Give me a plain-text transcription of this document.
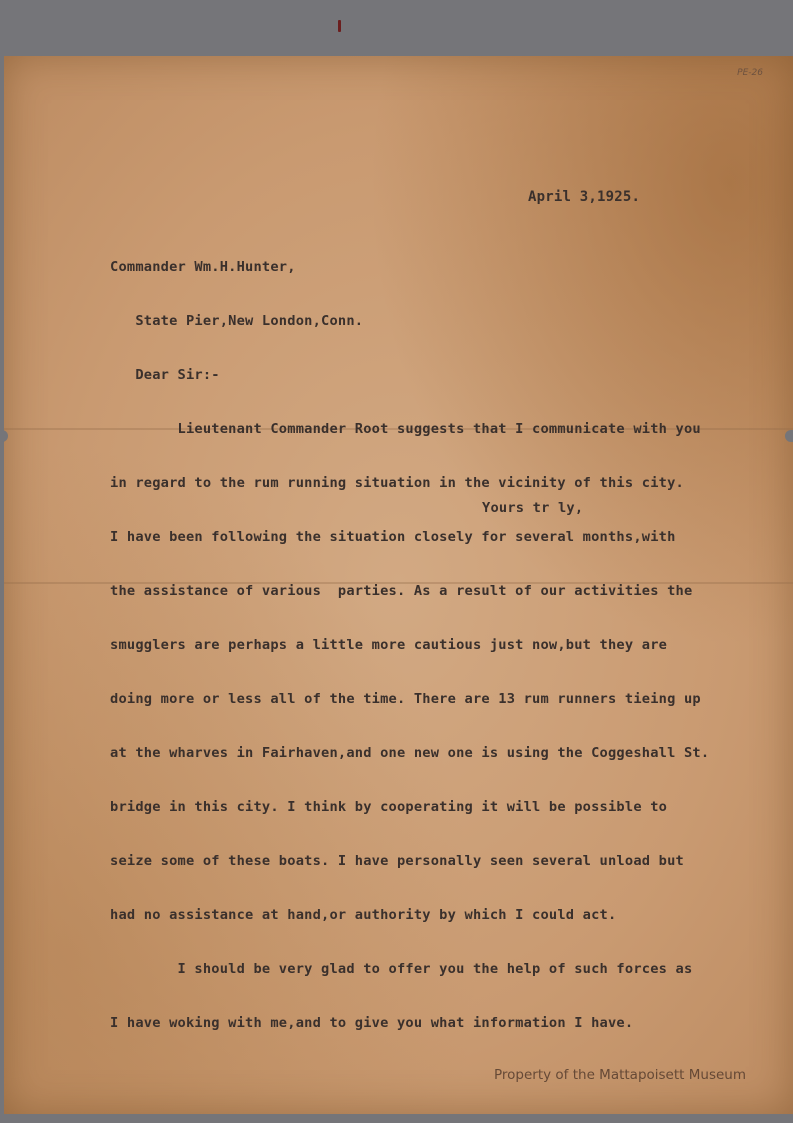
PE-26
April 3,1925.

Commander Wm.H.Hunter,

State Pier,New London,Conn.

Dear Sir:-

Lieutenant Commander Root suggests that I communicate with you

in regard to the rum running situation in the vicinity of this city.

I have been following the situation closely for several months,with

the assistance of various  parties. As a result of our activities the

smugglers are perhaps a little more cautious just now,but they are

doing more or less all of the time. There are 13 rum runners tieing up

at the wharves in Fairhaven,and one new one is using the Coggeshall St.

bridge in this city. I think by cooperating it will be possible to

seize some of these boats. I have personally seen several unload but

had no assistance at hand,or authority by which I could act.

I should be very glad to offer you the help of such forces as

I have woking with me,and to give you what information I have.

Yours tr ly,
Property of the Mattapoisett Museum
